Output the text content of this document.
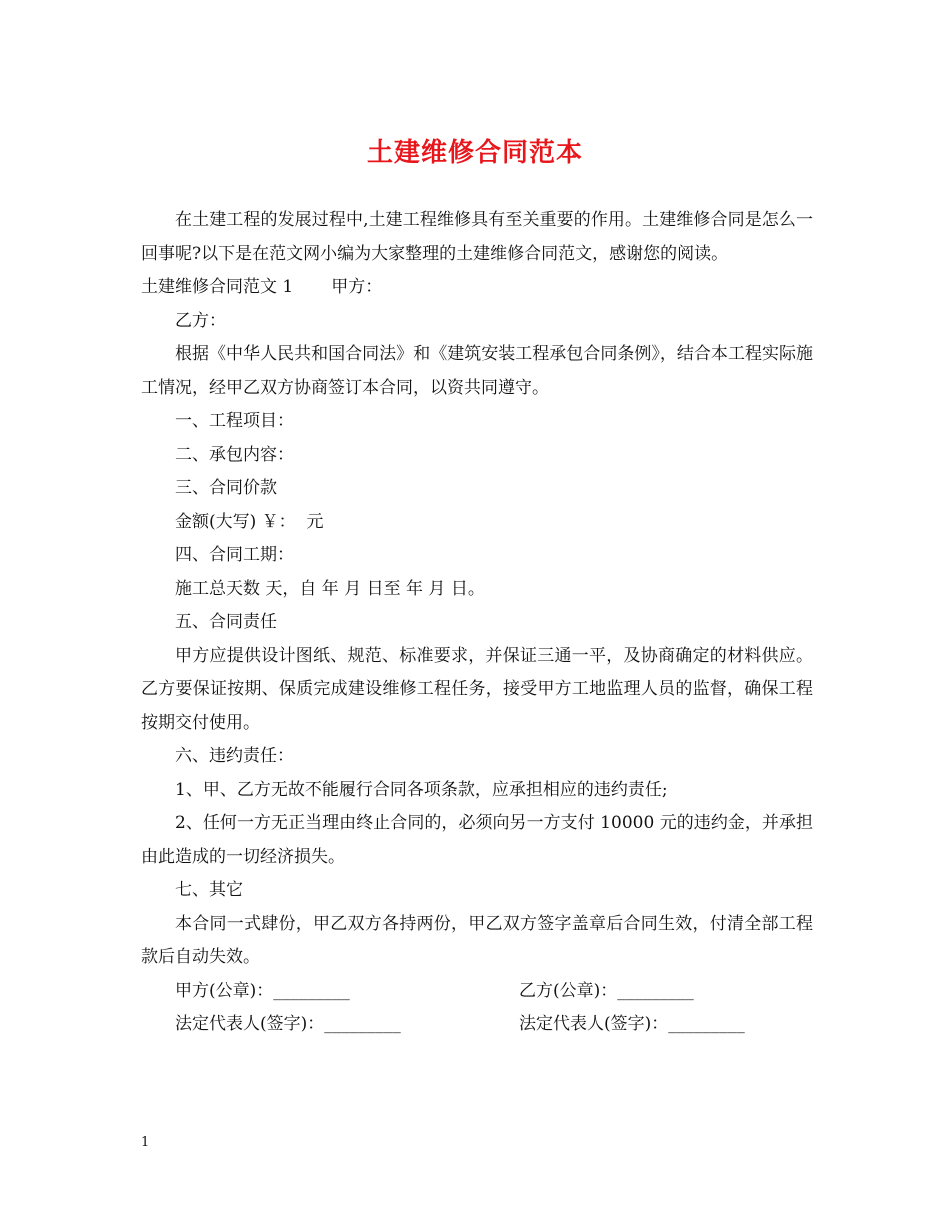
土建维修合同范本

在土建工程的发展过程中,土建工程维修具有至关重要的作用。土建维修合同是怎么一回事呢?以下是在范文网小编为大家整理的土建维修合同范文，感谢您的阅读。

土建维修合同范文 1 甲方：

乙方：

根据《中华人民共和国合同法》和《建筑安装工程承包合同条例》，结合本工程实际施工情况，经甲乙双方协商签订本合同，以资共同遵守。

一、工程项目：

二、承包内容：

三、合同价款

金额(大写) ￥：  元

四、合同工期：

施工总天数 天，自 年 月 日至 年 月 日。

五、合同责任

甲方应提供设计图纸、规范、标准要求，并保证三通一平，及协商确定的材料供应。乙方要保证按期、保质完成建设维修工程任务，接受甲方工地监理人员的监督，确保工程按期交付使用。

六、违约责任：

1、甲、乙方无故不能履行合同各项条款，应承担相应的违约责任;

2、任何一方无正当理由终止合同的，必须向另一方支付 10000 元的违约金，并承担由此造成的一切经济损失。

七、其它

本合同一式肆份，甲乙双方各持两份，甲乙双方签字盖章后合同生效，付清全部工程款后自动失效。

甲方(公章)：_________	乙方(公章)：_________
法定代表人(签字)：_________	法定代表人(签字)：_________
1
